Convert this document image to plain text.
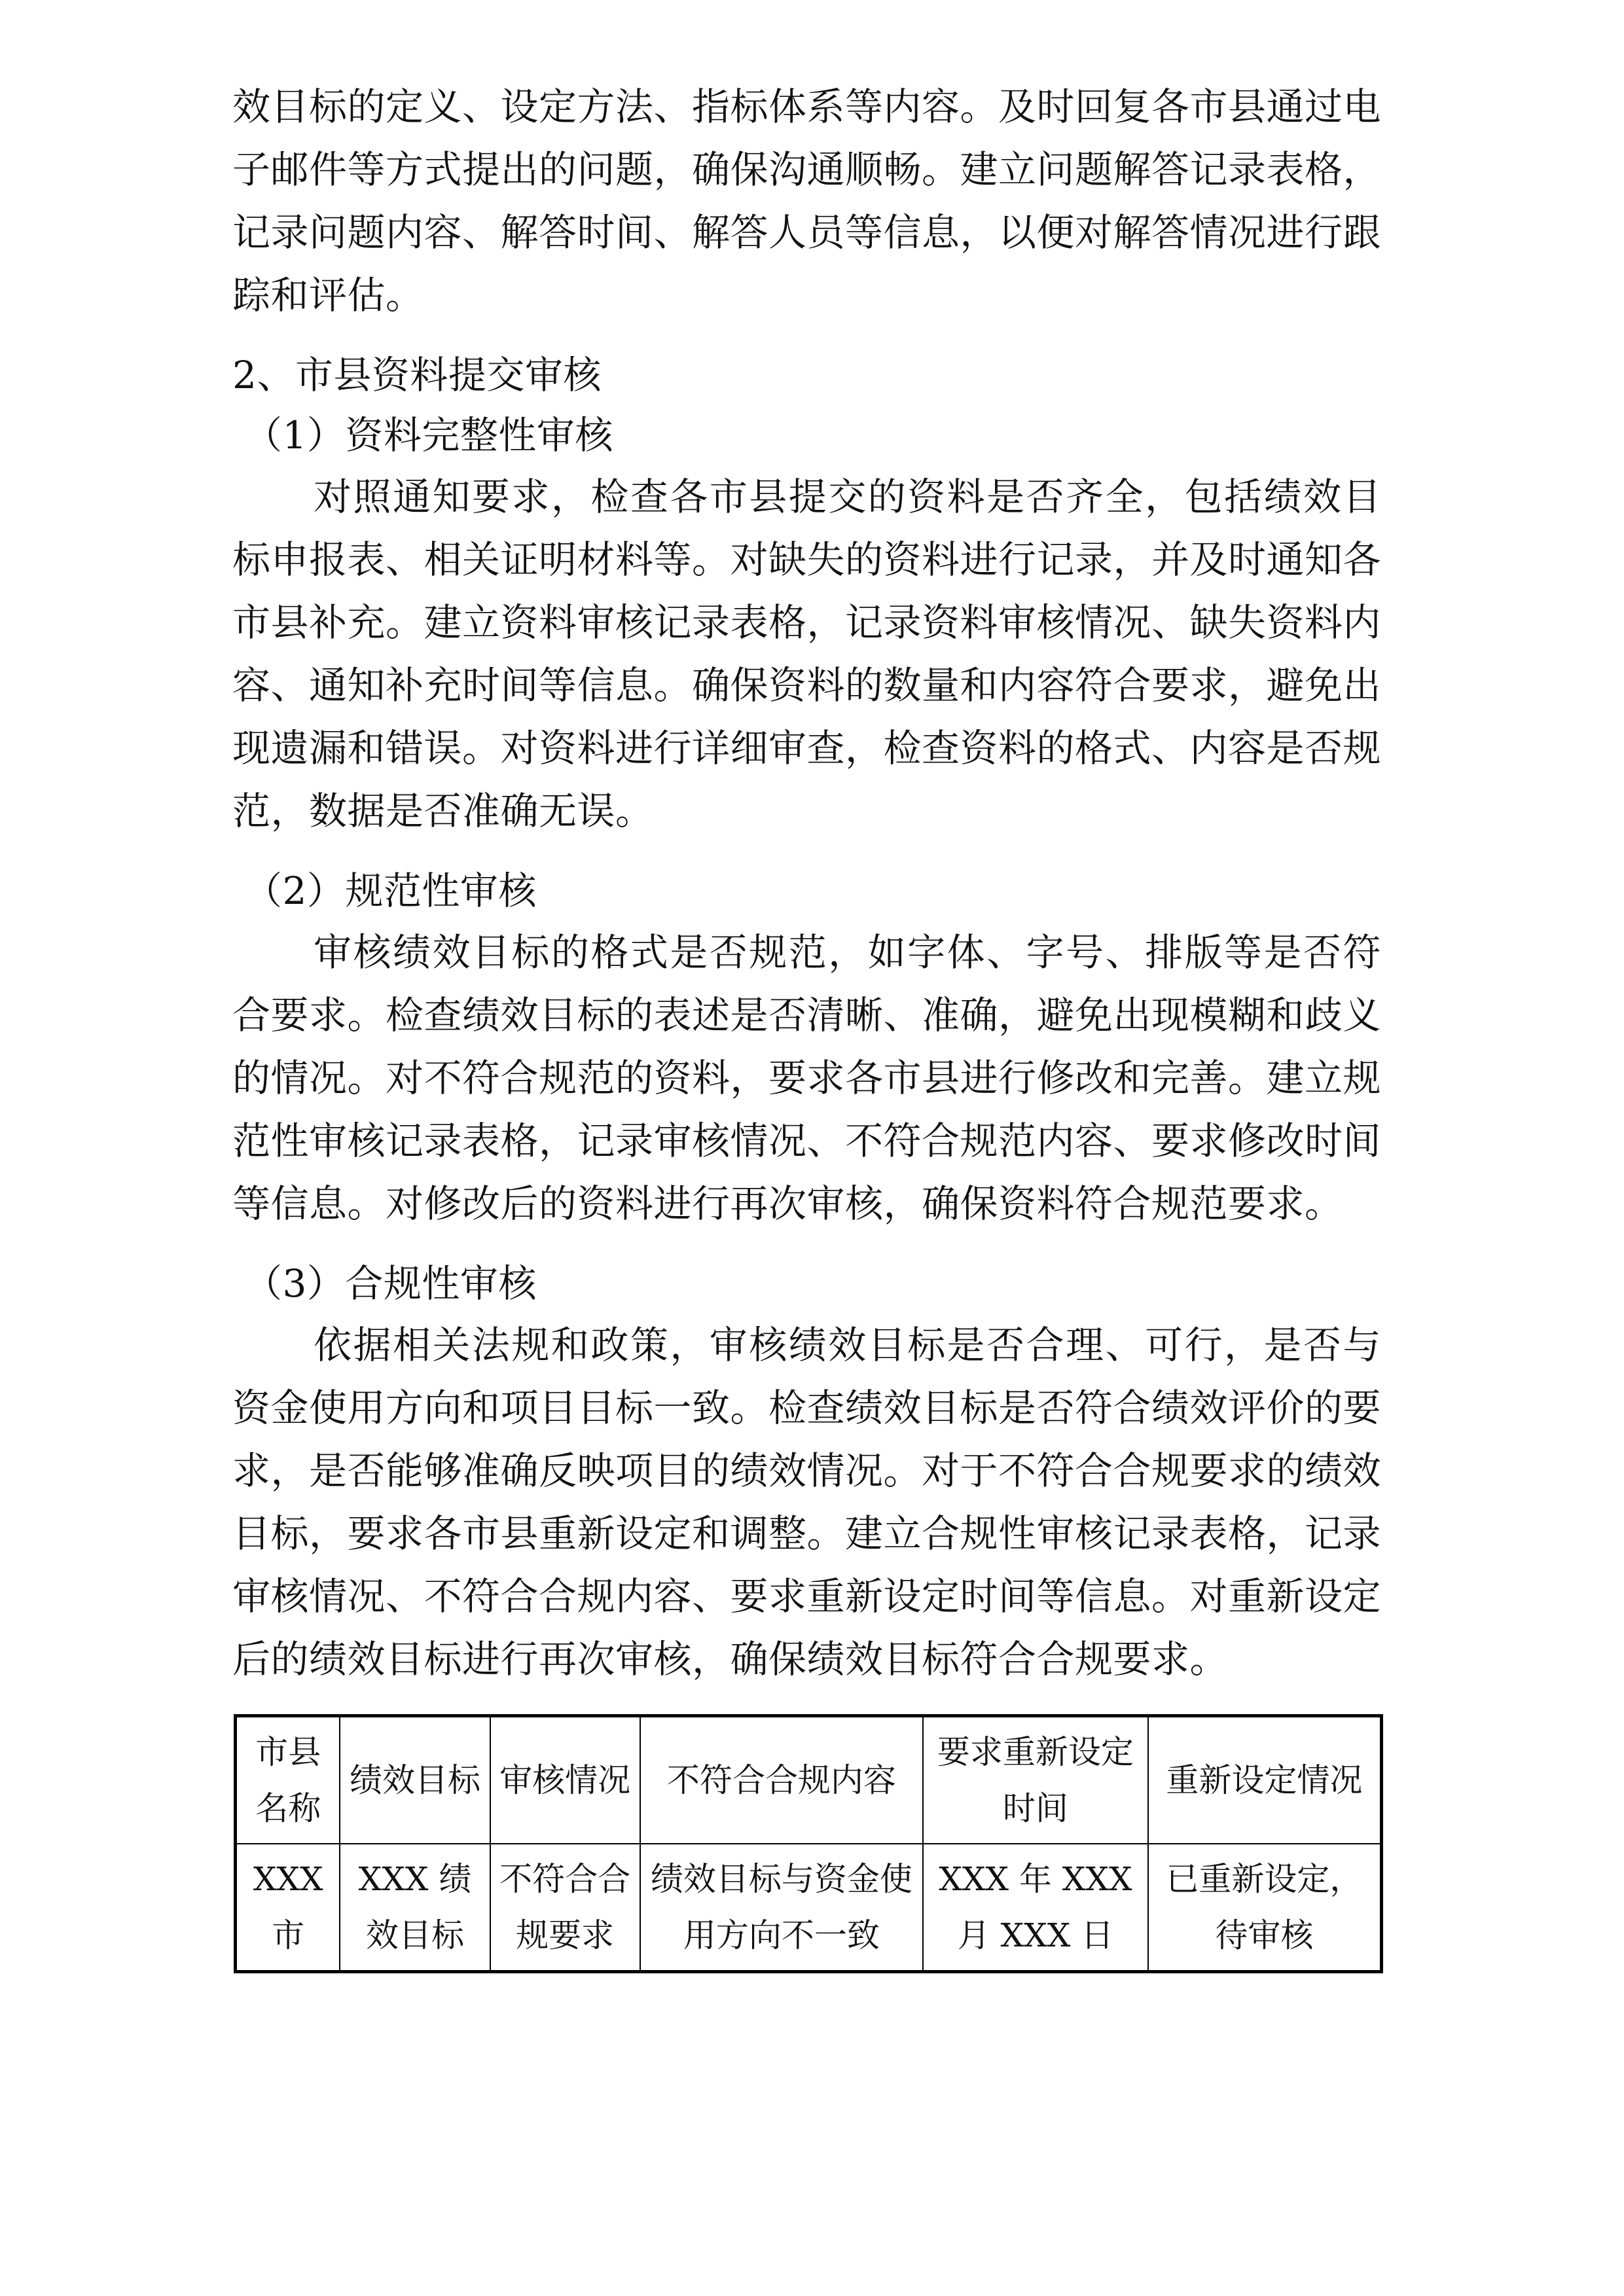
效目标的定义、设定方法、指标体系等内容。及时回复各市县通过电子邮件等方式提出的问题，确保沟通顺畅。建立问题解答记录表格，记录问题内容、解答时间、解答人员等信息，以便对解答情况进行跟踪和评估。

2、市县资料提交审核
（1）资料完整性审核

对照通知要求，检查各市县提交的资料是否齐全，包括绩效目标申报表、相关证明材料等。对缺失的资料进行记录，并及时通知各市县补充。建立资料审核记录表格，记录资料审核情况、缺失资料内容、通知补充时间等信息。确保资料的数量和内容符合要求，避免出现遗漏和错误。对资料进行详细审查，检查资料的格式、内容是否规范，数据是否准确无误。

（2）规范性审核

审核绩效目标的格式是否规范，如字体、字号、排版等是否符合要求。检查绩效目标的表述是否清晰、准确，避免出现模糊和歧义的情况。对不符合规范的资料，要求各市县进行修改和完善。建立规范性审核记录表格，记录审核情况、不符合规范内容、要求修改时间等信息。对修改后的资料进行再次审核，确保资料符合规范要求。

（3）合规性审核

依据相关法规和政策，审核绩效目标是否合理、可行，是否与资金使用方向和项目目标一致。检查绩效目标是否符合绩效评价的要求，是否能够准确反映项目的绩效情况。对于不符合合规要求的绩效目标，要求各市县重新设定和调整。建立合规性审核记录表格，记录审核情况、不符合合规内容、要求重新设定时间等信息。对重新设定后的绩效目标进行再次审核，确保绩效目标符合合规要求。

市县名称	绩效目标	审核情况	不符合合规内容	要求重新设定时间	重新设定情况
XXX 市	XXX 绩效目标	不符合合规要求	绩效目标与资金使用方向不一致	XXX 年 XXX 月 XXX 日	已重新设定，待审核
